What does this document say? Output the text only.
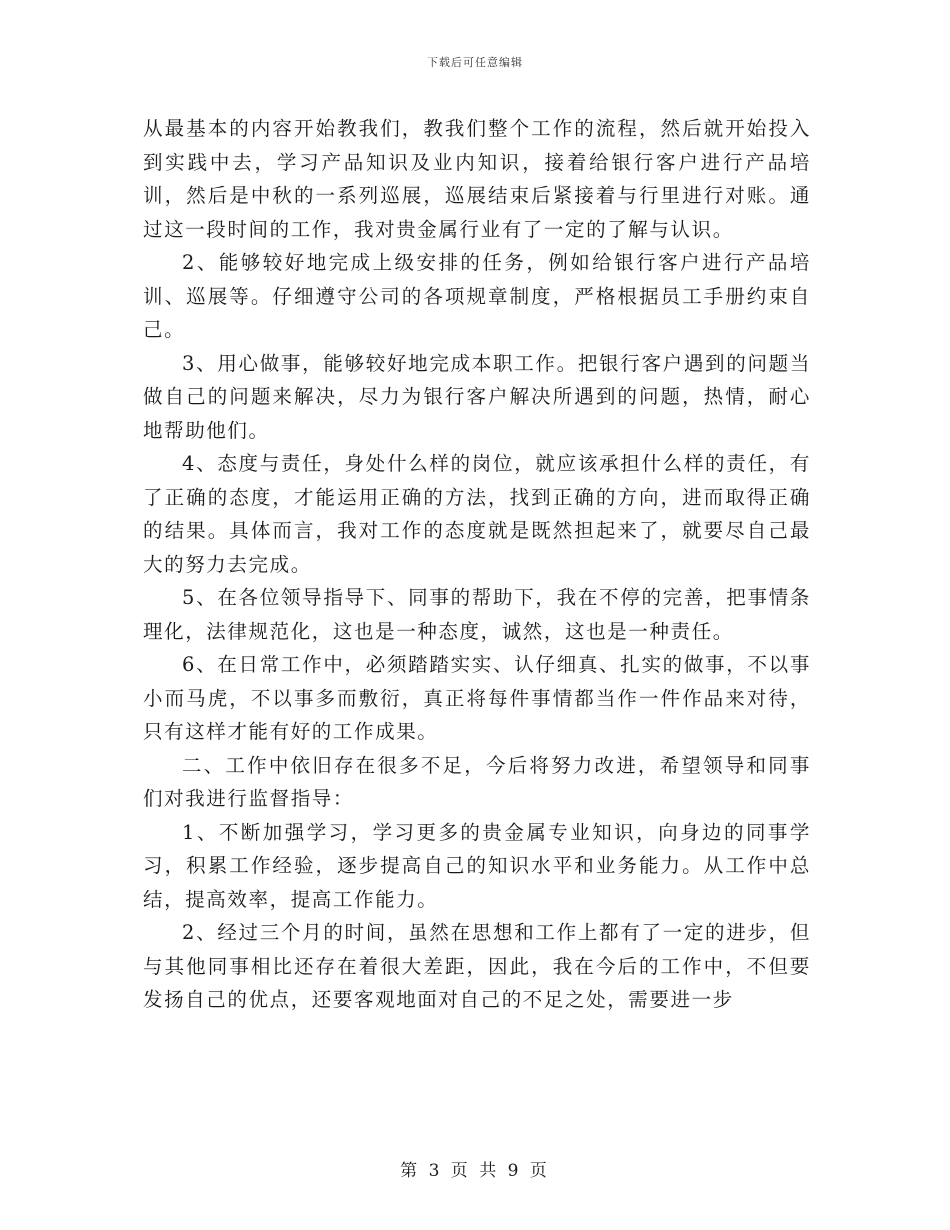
下载后可任意编辑

从最基本的内容开始教我们，教我们整个工作的流程，然后就开始投入到实践中去，学习产品知识及业内知识，接着给银行客户进行产品培训，然后是中秋的一系列巡展，巡展结束后紧接着与行里进行对账。通过这一段时间的工作，我对贵金属行业有了一定的了解与认识。

2、能够较好地完成上级安排的任务，例如给银行客户进行产品培训、巡展等。仔细遵守公司的各项规章制度，严格根据员工手册约束自己。

3、用心做事，能够较好地完成本职工作。把银行客户遇到的问题当做自己的问题来解决，尽力为银行客户解决所遇到的问题，热情，耐心地帮助他们。

4、态度与责任，身处什么样的岗位，就应该承担什么样的责任，有了正确的态度，才能运用正确的方法，找到正确的方向，进而取得正确的结果。具体而言，我对工作的态度就是既然担起来了，就要尽自己最大的努力去完成。

5、在各位领导指导下、同事的帮助下，我在不停的完善，把事情条理化，法律规范化，这也是一种态度，诚然，这也是一种责任。

6、在日常工作中，必须踏踏实实、认仔细真、扎实的做事，不以事小而马虎，不以事多而敷衍，真正将每件事情都当作一件作品来对待，只有这样才能有好的工作成果。

二、工作中依旧存在很多不足，今后将努力改进，希望领导和同事们对我进行监督指导：

1、不断加强学习，学习更多的贵金属专业知识，向身边的同事学习，积累工作经验，逐步提高自己的知识水平和业务能力。从工作中总结，提高效率，提高工作能力。

2、经过三个月的时间，虽然在思想和工作上都有了一定的进步，但与其他同事相比还存在着很大差距，因此，我在今后的工作中，不但要发扬自己的优点，还要客观地面对自己的不足之处，需要进一步

第 3 页 共 9 页
